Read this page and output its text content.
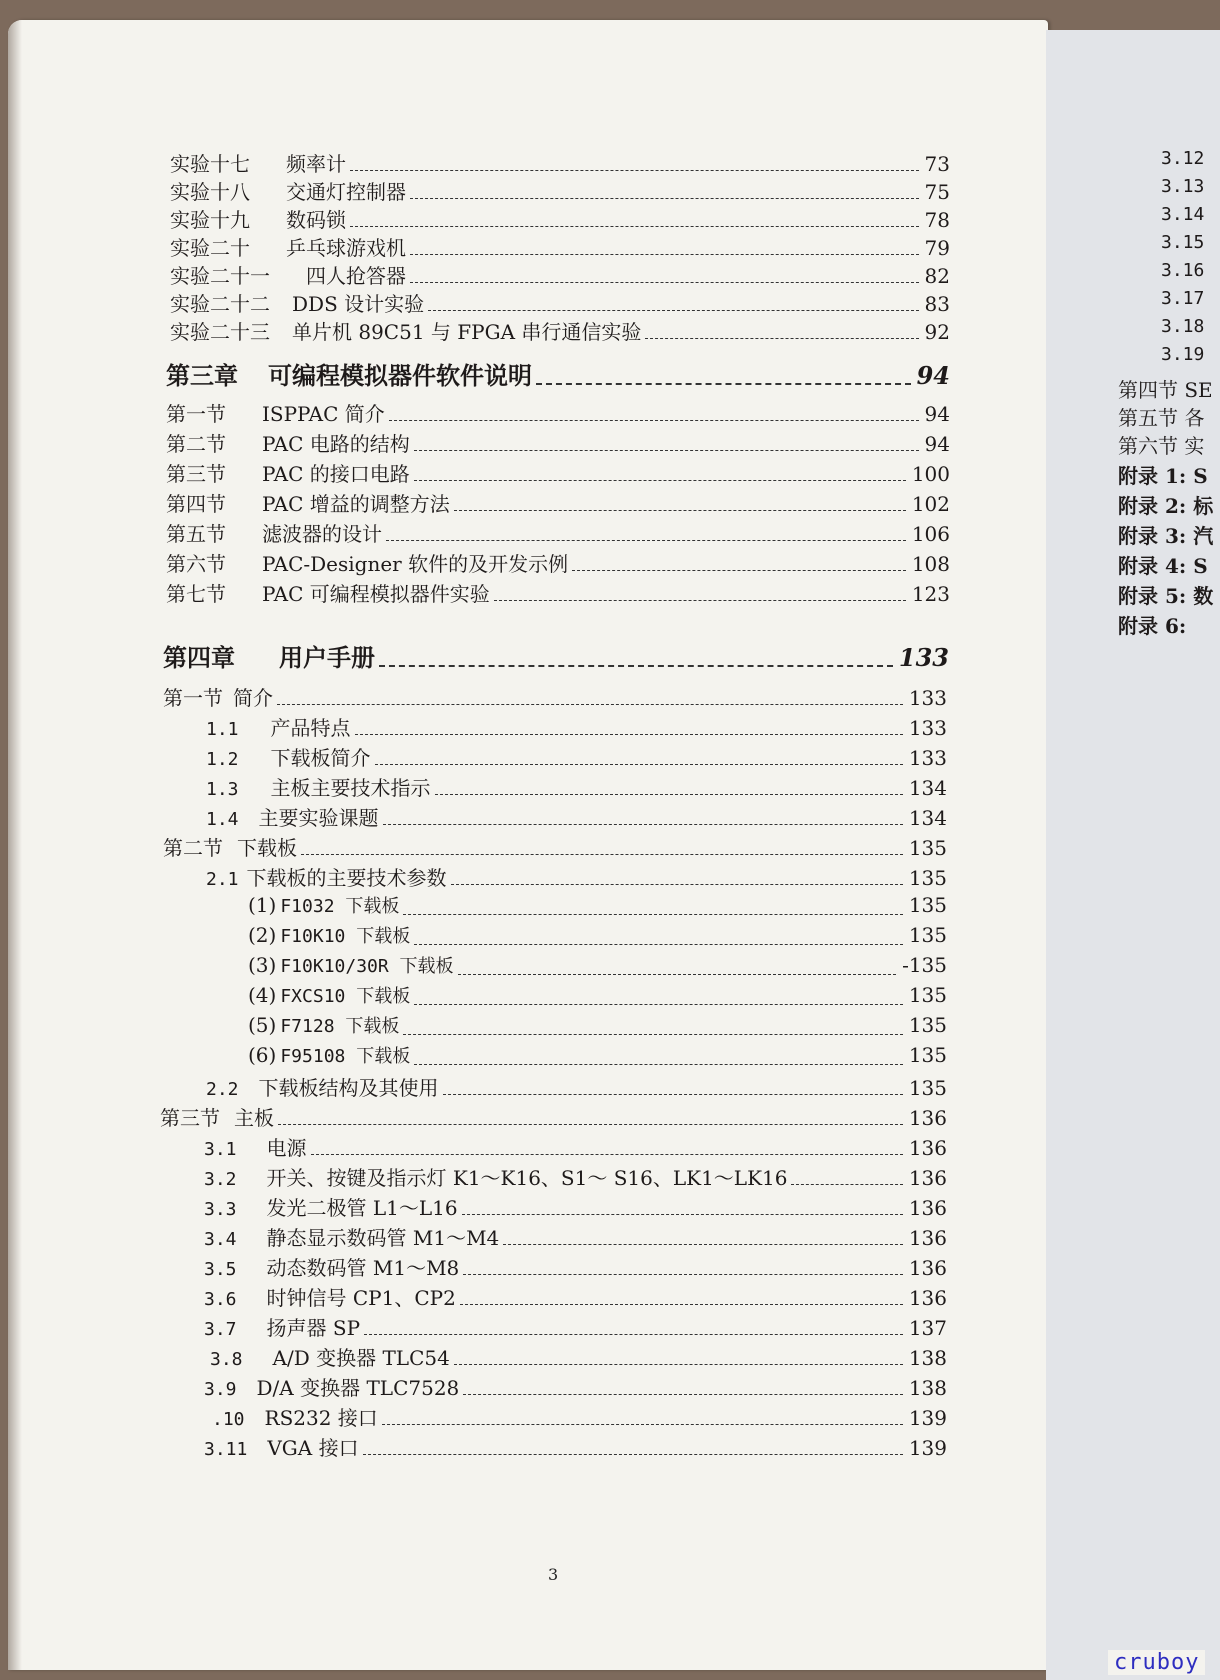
实验十七 频率计	73
实验十八 交通灯控制器	75
实验十九 数码锁	78
实验二十 乒乓球游戏机	79
实验二十一 四人抢答器	82
实验二十二 DDS 设计实验	83
实验二十三 单片机 89C51 与 FPGA 串行通信实验	92
第三章 可编程模拟器件软件说明	94
第一节 ISPPAC 简介	94
第二节 PAC 电路的结构	94
第三节 PAC 的接口电路	100
第四节 PAC 增益的调整方法	102
第五节 滤波器的设计	106
第六节 PAC-Designer 软件的及开发示例	108
第七节 PAC 可编程模拟器件实验	123
第四章 用户手册	133
第一节 简介	133
1.1 产品特点	133
1.2 下载板简介	133
1.3 主板主要技术指示	134
1.4 主要实验课题	134
第二节 下载板	135
2.1 下载板的主要技术参数	135
(1) F1032 下载板	135
(2) F10K10 下载板	135
(3) F10K10/30R 下载板	-135
(4) FXCS10 下载板	135
(5) F7128 下载板	135
(6) F95108 下载板	135
2.2 下载板结构及其使用	135
第三节 主板	136
3.1 电源	136
3.2 开关、按键及指示灯 K1～K16、S1～ S16、LK1～LK16	136
3.3 发光二极管 L1～L16	136
3.4 静态显示数码管 M1～M4	136
3.5 动态数码管 M1～M8	136
3.6 时钟信号 CP1、CP2	136
3.7 扬声器 SP	137
3.8 A/D 变换器 TLC54	138
3.9 D/A 变换器 TLC7528	138
.10 RS232 接口	139
3.11 VGA 接口	139
3
3.12
3.13
3.14
3.15
3.16
3.17
3.18
3.19
第四节 SE
第五节 各
第六节 实
附录 1: S
附录 2: 标
附录 3: 汽
附录 4: S
附录 5: 数
附录 6:
cruboy
